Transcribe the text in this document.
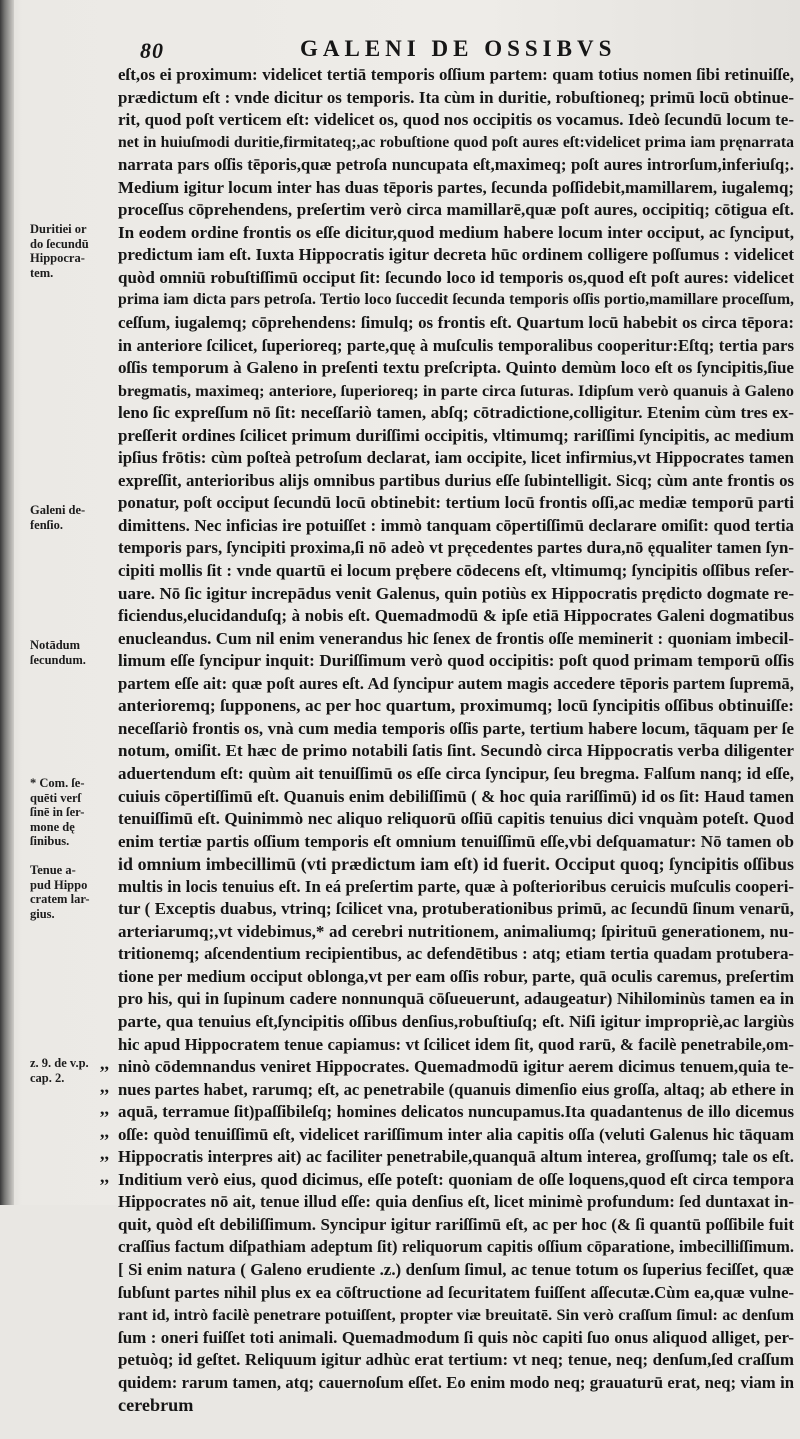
80	GALENI DE OSSIBVS
Duritiei or
do ſecundū
Hippocra-
tem.
Galeni de-
fenſio.
Notādum
ſecundum.
* Com. ſe-
quēti verſ
ſinē in ſer-
mone dę
ſinibus.
Tenue a-
pud Hippo
cratem lar-
gius.
z. 9. de v.p.
cap. 2.
,,
,,
,,
,,
,,
,,
eſt,os ei proximum: videlicet tertiā temporis oſſium partem: quam totius nomen ſibi retinuiſſe,
prædictum eſt : vnde dicitur os temporis. Ita cùm in duritie, robuſtioneq; primū locū obtinue-
rit, quod poſt verticem eſt: videlicet os, quod nos occipitis os vocamus. Ideò ſecundū locum te-
net in huiuſmodi duritie,firmitateq;,ac robuſtione quod poſt aures eſt:videlicet prima iam pręnarrata
narrata pars oſſis tēporis,quæ petroſa nuncupata eſt,maximeq; poſt aures introrſum,inferiuſq;.
Medium igitur locum inter has duas tēporis partes, ſecunda poſſidebit,mamillarem, iugalemq;
proceſſus cōprehendens, preſertim verò circa mamillarē,quæ poſt aures, occipitiq; cōtigua eſt.
In eodem ordine frontis os eſſe dicitur,quod medium habere locum inter occiput, ac ſynciput,
predictum iam eſt. Iuxta Hippocratis igitur decreta hūc ordinem colligere poſſumus : videlicet
quòd omniū robuſtiſſimū occiput ſit: ſecundo loco id temporis os,quod eſt poſt aures: videlicet
prima iam dicta pars petroſa. Tertio loco ſuccedit ſecunda temporis oſſis portio,mamillare proceſſum,
ceſſum, iugalemq; cōprehendens: ſimulq; os frontis eſt. Quartum locū habebit os circa tēpora:
in anteriore ſcilicet, ſuperioreq; parte,quę à muſculis temporalibus cooperitur:Eſtq; tertia pars
oſſis temporum à Galeno in preſenti textu preſcripta. Quinto demùm loco eſt os ſyncipitis,ſiue
bregmatis, maximeq; anteriore, ſuperioreq; in parte circa ſuturas. Idipſum verò quanuis à Galeno
leno ſic expreſſum nō ſit: neceſſariò tamen, abſq; cōtradictione,colligitur. Etenim cùm tres ex-
preſſerit ordines ſcilicet primum duriſſimi occipitis, vltimumq; rariſſimi ſyncipitis, ac medium
ipſius frōtis: cùm poſteà petroſum declarat, iam occipite, licet infirmius,vt Hippocrates tamen
expreſſit, anterioribus alijs omnibus partibus durius eſſe ſubintelligit. Sicq; cùm ante frontis os
ponatur, poſt occiput ſecundū locū obtinebit: tertium locū frontis oſſi,ac mediæ temporū parti
dimittens. Nec inficias ire potuiſſet : immò tanquam cōpertiſſimū declarare omiſit: quod tertia
temporis pars, ſyncipiti proxima,ſi nō adeò vt pręcedentes partes dura,nō ęqualiter tamen ſyn-
cipiti mollis ſit : vnde quartū ei locum prębere cōdecens eſt, vltimumq; ſyncipitis oſſibus reſer-
uare. Nō ſic igitur increpādus venit Galenus, quin potiùs ex Hippocratis prędicto dogmate re-
ficiendus,elucidanduſq; à nobis eſt. Quemadmodū & ipſe etiā Hippocrates Galeni dogmatibus
enucleandus. Cum nil enim venerandus hic ſenex de frontis oſſe meminerit : quoniam imbecil-
limum eſſe ſyncipur inquit: Duriſſimum verò quod occipitis: poſt quod primam temporū oſſis
partem eſſe ait: quæ poſt aures eſt. Ad ſyncipur autem magis accedere tēporis partem ſupremā,
anterioremq; ſupponens, ac per hoc quartum, proximumq; locū ſyncipitis oſſibus obtinuiſſe:
neceſſariò frontis os, vnà cum media temporis oſſis parte, tertium habere locum, tāquam per ſe
notum, omiſit. Et hæc de primo notabili ſatis ſint. Secundò circa Hippocratis verba diligenter
aduertendum eſt: quùm ait tenuiſſimū os eſſe circa ſyncipur, ſeu bregma. Falſum nanq; id eſſe,
cuiuis cōpertiſſimū eſt. Quanuis enim debiliſſimū ( & hoc quia rariſſimū) id os ſit: Haud tamen
tenuiſſimū eſt. Quinimmò nec aliquo reliquorū oſſiū capitis tenuius dici vnquàm poteſt. Quod
enim tertiæ partis oſſium temporis eſt omnium tenuiſſimū eſſe,vbi deſquamatur: Nō tamen ob
id omnium imbecillimū (vti prædictum iam eſt) id fuerit. Occiput quoq; ſyncipitis oſſibus
multis in locis tenuius eſt. In eá preſertim parte, quæ à poſterioribus ceruicis muſculis cooperi-
tur ( Exceptis duabus, vtrinq; ſcilicet vna, protuberationibus primū, ac ſecundū ſinum venarū,
arteriarumq;,vt videbimus,* ad cerebri nutritionem, animaliumq; ſpirituū generationem, nu-
tritionemq; aſcendentium recipientibus, ac defendētibus : atq; etiam tertia quadam protubera-
tione per medium occiput oblonga,vt per eam oſſis robur, parte, quā oculis caremus, preſertim
pro his, qui in ſupinum cadere nonnunquā cōſueuerunt, adaugeatur) Nihilominùs tamen ea in
parte, qua tenuius eſt,ſyncipitis oſſibus denſius,robuſtiuſq; eſt. Niſi igitur impropriè,ac largiùs
hic apud Hippocratem tenue capiamus: vt ſcilicet idem ſit, quod rarū, & facilè penetrabile,om-
ninò cōdemnandus veniret Hippocrates. Quemadmodū igitur aerem dicimus tenuem,quia te-
nues partes habet, rarumq; eſt, ac penetrabile (quanuis dimenſio eius groſſa, altaq; ab ethere in
aquā, terramue ſit)paſſibileſq; homines delicatos nuncupamus.Ita quadantenus de illo dicemus
oſſe: quòd tenuiſſimū eſt, videlicet rariſſimum inter alia capitis oſſa (veluti Galenus hic tāquam
Hippocratis interpres ait) ac faciliter penetrabile,quanquā altum interea, groſſumq; tale os eſt.
Inditium verò eius, quod dicimus, eſſe poteſt: quoniam de oſſe loquens,quod eſt circa tempora
Hippocrates nō ait, tenue illud eſſe: quia denſius eſt, licet minimè profundum: ſed duntaxat in-
quit, quòd eſt debiliſſimum. Syncipur igitur rariſſimū eſt, ac per hoc (& ſi quantū poſſibile fuit
craſſius factum diſpathiam adeptum ſit) reliquorum capitis oſſium cōparatione, imbecilliſſimum.
[ Si enim natura ( Galeno erudiente .z.) denſum ſimul, ac tenue totum os ſuperius feciſſet, quæ
ſubſunt partes nihil plus ex ea cōſtructione ad ſecuritatem fuiſſent aſſecutæ.Cùm ea,quæ vulne-
rant id, intrò facilè penetrare potuiſſent, propter viæ breuitatē. Sin verò craſſum ſimul: ac denſum
ſum : oneri fuiſſet toti animali. Quemadmodum ſi quis nòc capiti ſuo onus aliquod alliget, per-
petuòq; id geſtet. Reliquum igitur adhùc erat tertium: vt neq; tenue, neq; denſum,ſed craſſum
quidem: rarum tamen, atq; cauernoſum eſſet. Eo enim modo neq; grauaturū erat, neq; viam in
cerebrum
